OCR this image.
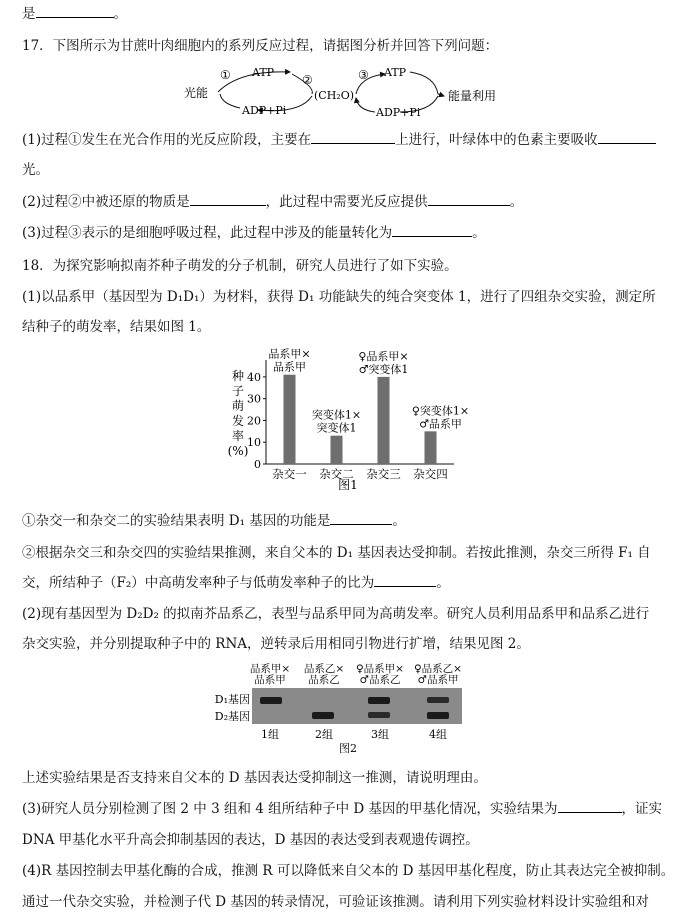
是	。
17．下图所示为甘蔗叶肉细胞内的系列反应过程，请据图分析并回答下列问题：
光能
① ATP
ADP+Pi
②
(CH₂O)
③ ATP
ADP+Pi
能量利用
(1)过程①发生在光合作用的光反应阶段，主要在	上进行，叶绿体中的色素主要吸收
光。
(2)过程②中被还原的物质是	，此过程中需要光反应提供	。
(3)过程③表示的是细胞呼吸过程，此过程中涉及的能量转化为	。
18．为探究影响拟南芥种子萌发的分子机制，研究人员进行了如下实验。
(1)以品系甲（基因型为 D₁D₁）为材料，获得 D₁ 功能缺失的纯合突变体 1，进行了四组杂交实验，测定所
结种子的萌发率，结果如图 1。
种
子
萌
发
率
(%)
0
10
20
30
40
杂交一 杂交二 杂交三 杂交四
品系甲×
品系甲
突变体1×
突变体1
♀品系甲×
♂突变体1
♀突变体1×
♂品系甲
图1
①杂交一和杂交二的实验结果表明 D₁ 基因的功能是	。
②根据杂交三和杂交四的实验结果推测，来自父本的 D₁ 基因表达受抑制。若按此推测，杂交三所得 F₁ 自
交，所结种子（F₂）中高萌发率种子与低萌发率种子的比为	。
(2)现有基因型为 D₂D₂ 的拟南芥品系乙，表型与品系甲同为高萌发率。研究人员利用品系甲和品系乙进行
杂交实验，并分别提取种子中的 RNA，逆转录后用相同引物进行扩增，结果见图 2。
品系甲×
品系甲
品系乙×
品系乙
♀品系甲×
♂品系乙
♀品系乙×
♂品系甲
D₁基因
D₂基因
1组	2组	3组	4组
图2
上述实验结果是否支持来自父本的 D 基因表达受抑制这一推测，请说明理由。
(3)研究人员分别检测了图 2 中 3 组和 4 组所结种子中 D 基因的甲基化情况，实验结果为	，证实
DNA 甲基化水平升高会抑制基因的表达，D 基因的表达受到表观遗传调控。
(4)R 基因控制去甲基化酶的合成，推测 R 可以降低来自父本的 D 基因甲基化程度，防止其表达完全被抑制。
通过一代杂交实验，并检测子代 D 基因的转录情况，可验证该推测。请利用下列实验材料设计实验组和对
